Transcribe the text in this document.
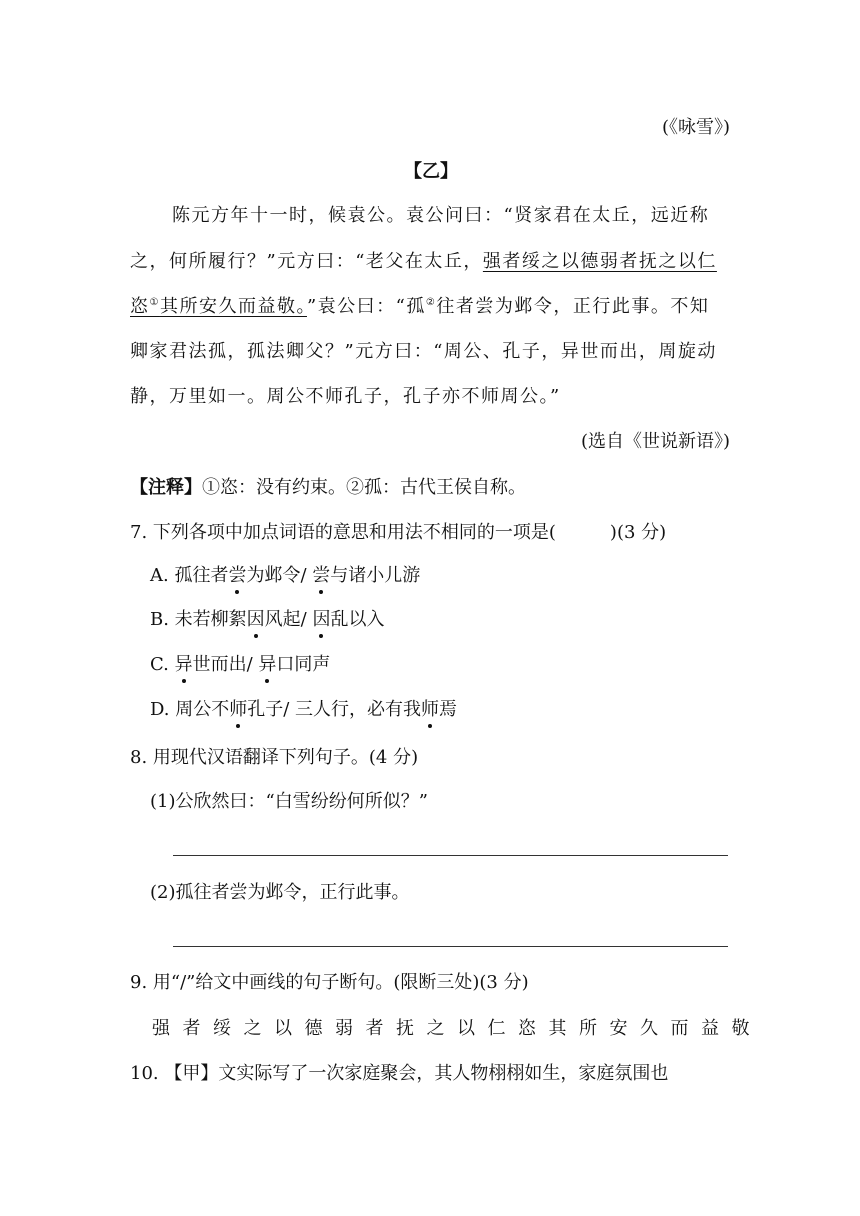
(《咏雪》)
【乙】
陈元方年十一时，候袁公。袁公问曰：“贤家君在太丘，远近称
之，何所履行？”元方曰：“老父在太丘，强者绥之以德弱者抚之以仁
恣①其所安久而益敬。”袁公曰：“孤②往者尝为邺令，正行此事。不知
卿家君法孤，孤法卿父？”元方曰：“周公、孔子，异世而出，周旋动
静，万里如一。周公不师孔子，孔子亦不师周公。”
(选自《世说新语》)
【注释】①恣：没有约束。②孤：古代王侯自称。
7. 下列各项中加点词语的意思和用法不相同的一项是(　　　)(3 分)
A. 孤往者尝为邺令/ 尝与诸小儿游
B. 未若柳絮因风起/ 因乱以入
C. 异世而出/ 异口同声
D. 周公不师孔子/ 三人行，必有我师焉
8. 用现代汉语翻译下列句子。(4 分)
(1)公欣然曰：“白雪纷纷何所似？”
(2)孤往者尝为邺令，正行此事。
9. 用“/”给文中画线的句子断句。(限断三处)(3 分)
强者绥之以德弱者抚之以仁恣其所安久而益敬
10. 【甲】文实际写了一次家庭聚会，其人物栩栩如生，家庭氛围也
